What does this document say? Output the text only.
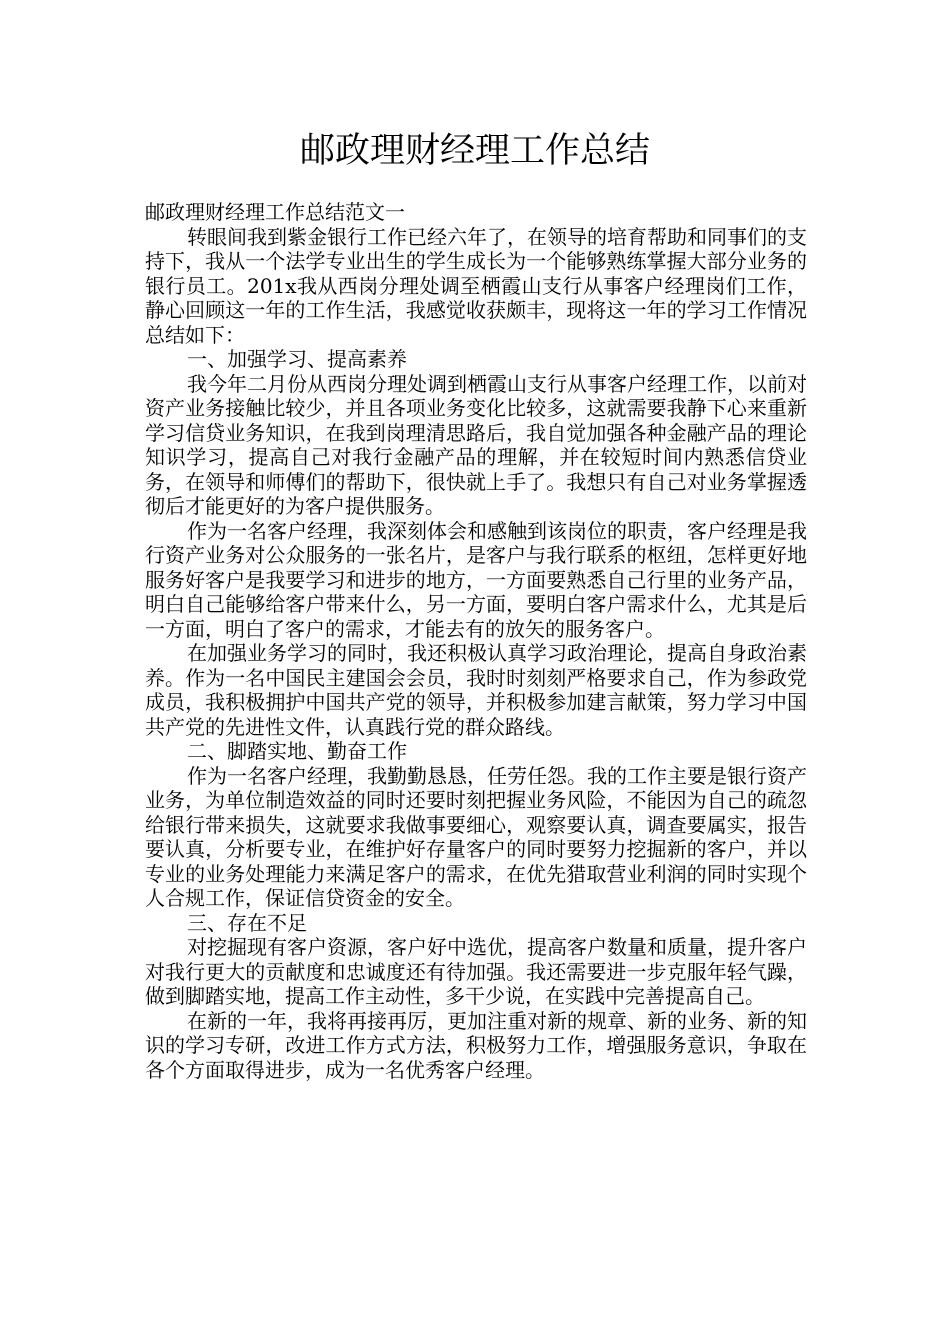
邮政理财经理工作总结

邮政理财经理工作总结范文一

转眼间我到紫金银行工作已经六年了，在领导的培育帮助和同事们的支持下，我从一个法学专业出生的学生成长为一个能够熟练掌握大部分业务的银行员工。201x我从西岗分理处调至栖霞山支行从事客户经理岗们工作，静心回顾这一年的工作生活，我感觉收获颇丰，现将这一年的学习工作情况总结如下：

一、加强学习、提高素养

我今年二月份从西岗分理处调到栖霞山支行从事客户经理工作，以前对资产业务接触比较少，并且各项业务变化比较多，这就需要我静下心来重新学习信贷业务知识，在我到岗理清思路后，我自觉加强各种金融产品的理论知识学习，提高自己对我行金融产品的理解，并在较短时间内熟悉信贷业务，在领导和师傅们的帮助下，很快就上手了。我想只有自己对业务掌握透彻后才能更好的为客户提供服务。

作为一名客户经理，我深刻体会和感触到该岗位的职责，客户经理是我行资产业务对公众服务的一张名片，是客户与我行联系的枢纽，怎样更好地服务好客户是我要学习和进步的地方，一方面要熟悉自己行里的业务产品，明白自己能够给客户带来什么，另一方面，要明白客户需求什么，尤其是后一方面，明白了客户的需求，才能去有的放矢的服务客户。

在加强业务学习的同时，我还积极认真学习政治理论，提高自身政治素养。作为一名中国民主建国会会员，我时时刻刻严格要求自己，作为参政党成员，我积极拥护中国共产党的领导，并积极参加建言献策，努力学习中国共产党的先进性文件，认真践行党的群众路线。

二、脚踏实地、勤奋工作

作为一名客户经理，我勤勤恳恳，任劳任怨。我的工作主要是银行资产业务，为单位制造效益的同时还要时刻把握业务风险，不能因为自己的疏忽给银行带来损失，这就要求我做事要细心，观察要认真，调查要属实，报告要认真，分析要专业，在维护好存量客户的同时要努力挖掘新的客户，并以专业的业务处理能力来满足客户的需求，在优先猎取营业利润的同时实现个人合规工作，保证信贷资金的安全。

三、存在不足

对挖掘现有客户资源，客户好中选优，提高客户数量和质量，提升客户对我行更大的贡献度和忠诚度还有待加强。我还需要进一步克服年轻气躁，做到脚踏实地，提高工作主动性，多干少说，在实践中完善提高自己。

在新的一年，我将再接再厉，更加注重对新的规章、新的业务、新的知识的学习专研，改进工作方式方法，积极努力工作，增强服务意识，争取在各个方面取得进步，成为一名优秀客户经理。
